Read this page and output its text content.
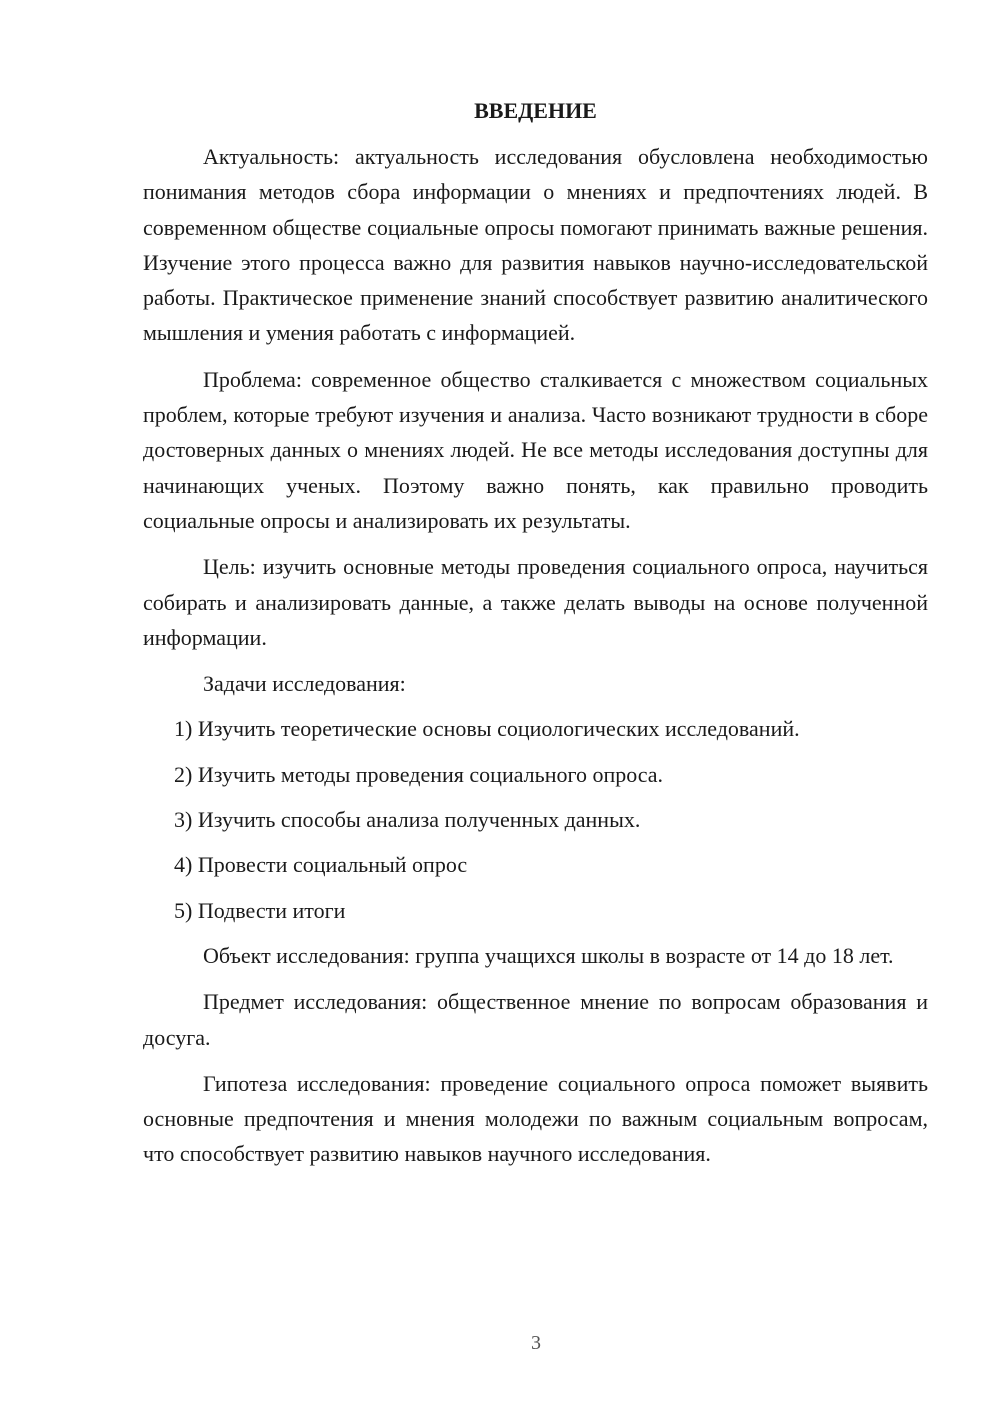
ВВЕДЕНИЕ

Актуальность: актуальность исследования обусловлена необходимостью понимания методов сбора информации о мнениях и предпочтениях людей. В современном обществе социальные опросы помогают принимать важные решения. Изучение этого процесса важно для развития навыков научно-исследовательской работы. Практическое применение знаний способствует развитию аналитического мышления и умения работать с информацией.

Проблема: современное общество сталкивается с множеством социальных проблем, которые требуют изучения и анализа. Часто возникают трудности в сборе достоверных данных о мнениях людей. Не все методы исследования доступны для начинающих ученых. Поэтому важно понять, как правильно проводить социальные опросы и анализировать их результаты.

Цель: изучить основные методы проведения социального опроса, научиться собирать и анализировать данные, а также делать выводы на основе полученной информации.

Задачи исследования:

1) Изучить теоретические основы социологических исследований.
2) Изучить методы проведения социального опроса.
3) Изучить способы анализа полученных данных.
4) Провести социальный опрос
5) Подвести итоги

Объект исследования: группа учащихся школы в возрасте от 14 до 18 лет.

Предмет исследования: общественное мнение по вопросам образования и досуга.

Гипотеза исследования: проведение социального опроса поможет выявить основные предпочтения и мнения молодежи по важным социальным вопросам, что способствует развитию навыков научного исследования.

3
